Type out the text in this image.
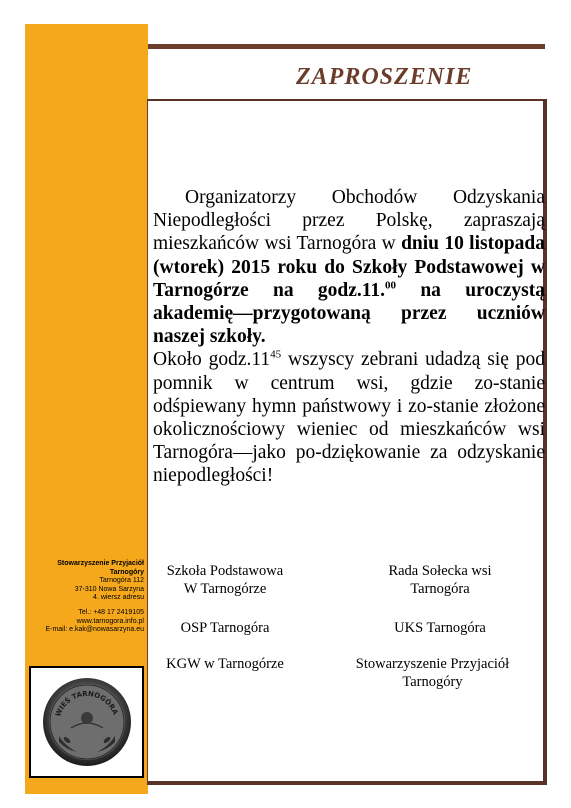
ZAPROSZENIE

Organizatorzy Obchodów Odzyskania Niepodległości przez Polskę, zapraszają mieszkańców wsi Tarnogóra w dniu 10 listopada (wtorek) 2015 roku do Szkoły Podstawowej w Tarnogórze na godz.11.00 na uroczystą akademię—przygotowaną przez uczniów naszej szkoły.

Około $godz.11^{45}$ wszyscy zebrani udadzą się pod pomnik w centrum wsi, gdzie zo-stanie odśpiewany hymn państwowy i zo-stanie złożone okolicznościowy wieniec od mieszkańców wsi Tarnogóra—jako po-dziękowanie za odzyskanie niepodległości!

Szkoła Podstawowa
W Tarnogórze
Rada Sołecka wsi
Tarnogóra
OSP Tarnogóra	UKS Tarnogóra
KGW w Tarnogórze	Stowarzyszenie Przyjaciół
Tarnogóry
Stowarzyszenie Przyjaciół Tarnogóry
Tarnogóra 112
37-310 Nowa Sarzyna
4. wiersz adresu
Tel.: +48 17 2419105
www.tarnogora.info.pl
E-mail: e.kak@nowasarzyna.eu
WIEŚ TARNOGÓRA
